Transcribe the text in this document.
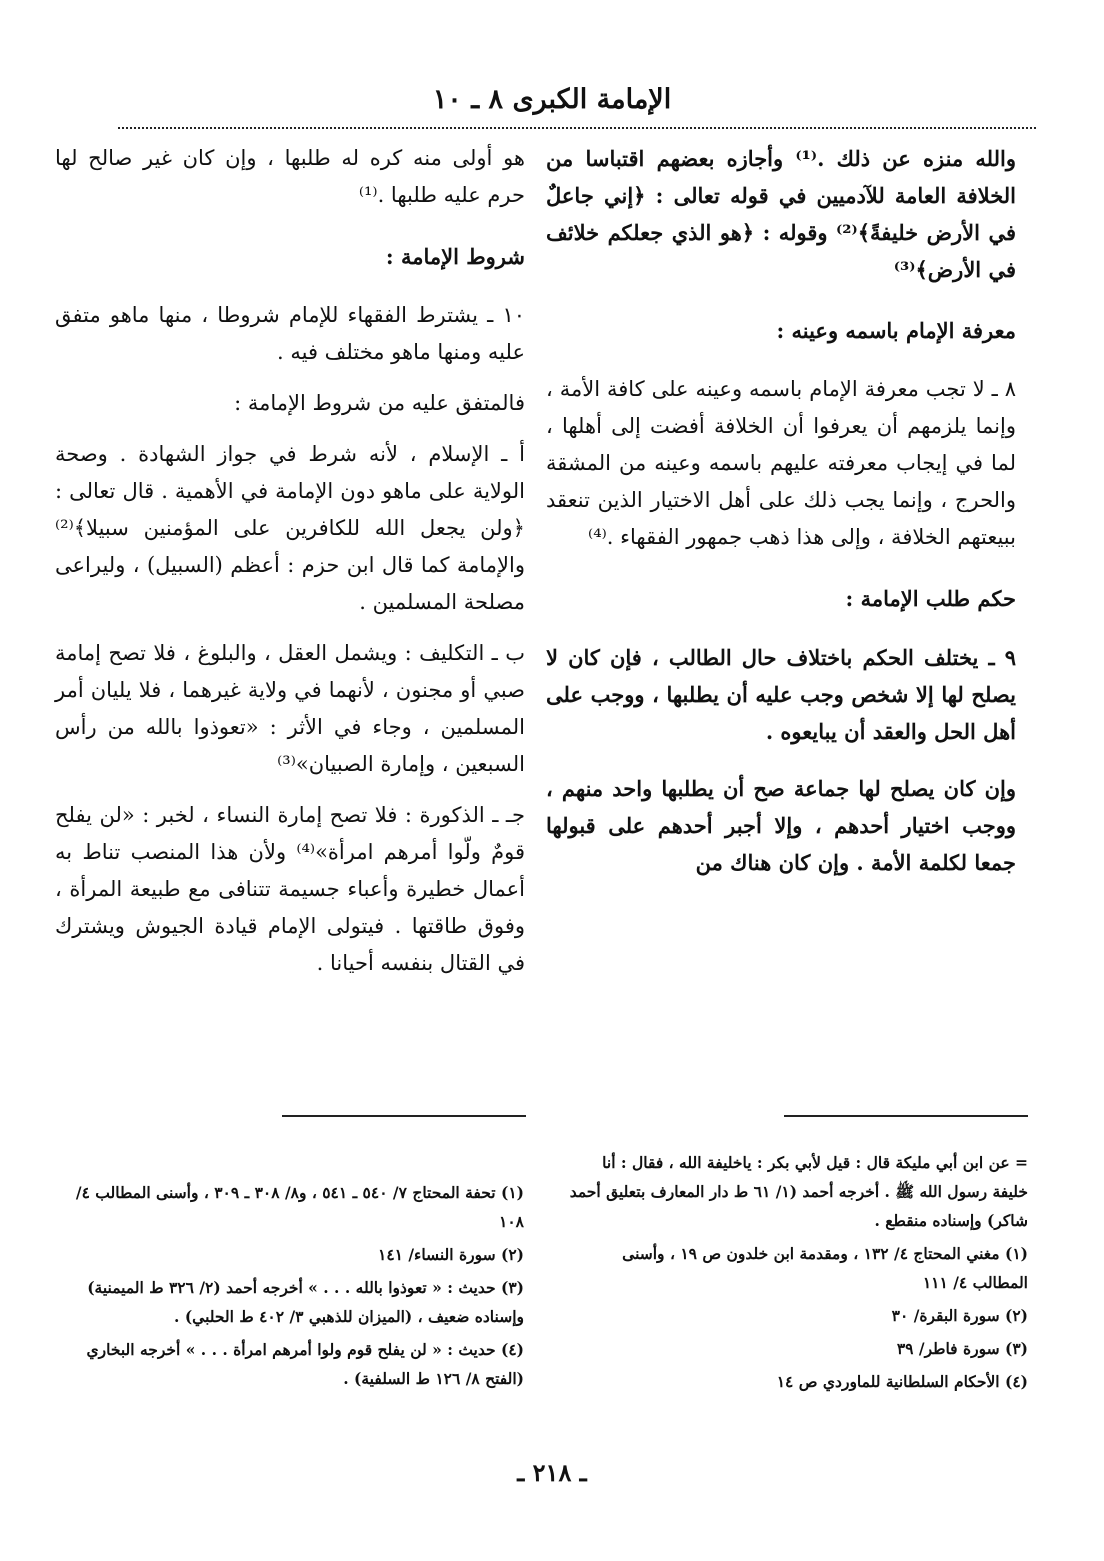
الإمامة الكبرى ٨ ـ ١٠

والله منزه عن ذلك .⁽¹⁾ وأجازه بعضهم اقتباسا من الخلافة العامة للآدميين في قوله تعالى : ﴿إني جاعلٌ في الأرض خليفةً﴾⁽²⁾ وقوله : ﴿هو الذي جعلكم خلائف في الأرض﴾⁽³⁾

معرفة الإمام باسمه وعينه :

٨ ـ لا تجب معرفة الإمام باسمه وعينه على كافة الأمة ، وإنما يلزمهم أن يعرفوا أن الخلافة أفضت إلى أهلها ، لما في إيجاب معرفته عليهم باسمه وعينه من المشقة والحرج ، وإنما يجب ذلك على أهل الاختيار الذين تنعقد ببيعتهم الخلافة ، وإلى هذا ذهب جمهور الفقهاء .⁽⁴⁾

حكم طلب الإمامة :

٩ ـ يختلف الحكم باختلاف حال الطالب ، فإن كان لا يصلح لها إلا شخص وجب عليه أن يطلبها ، ووجب على أهل الحل والعقد أن يبايعوه .

وإن كان يصلح لها جماعة صح أن يطلبها واحد منهم ، ووجب اختيار أحدهم ، وإلا أجبر أحدهم على قبولها جمعا لكلمة الأمة . وإن كان هناك من

هو أولى منه كره له طلبها ، وإن كان غير صالح لها حرم عليه طلبها .⁽¹⁾

شروط الإمامة :

١٠ ـ يشترط الفقهاء للإمام شروطا ، منها ماهو متفق عليه ومنها ماهو مختلف فيه .

فالمتفق عليه من شروط الإمامة :

أ ـ الإسلام ، لأنه شرط في جواز الشهادة . وصحة الولاية على ماهو دون الإمامة في الأهمية . قال تعالى : ﴿ولن يجعل الله للكافرين على المؤمنين سبيلا﴾⁽²⁾ والإمامة كما قال ابن حزم : أعظم (السبيل) ، وليراعى مصلحة المسلمين .

ب ـ التكليف : ويشمل العقل ، والبلوغ ، فلا تصح إمامة صبي أو مجنون ، لأنهما في ولاية غيرهما ، فلا يليان أمر المسلمين ، وجاء في الأثر : «تعوذوا بالله من رأس السبعين ، وإمارة الصبيان»⁽³⁾

جـ ـ الذكورة : فلا تصح إمارة النساء ، لخبر : «لن يفلح قومٌ ولّوا أمرهم امرأة»⁽⁴⁾ ولأن هذا المنصب تناط به أعمال خطيرة وأعباء جسيمة تتنافى مع طبيعة المرأة ، وفوق طاقتها . فيتولى الإمام قيادة الجيوش ويشترك في القتال بنفسه أحيانا .

= عن ابن أبي مليكة قال : قيل لأبي بكر : ياخليفة الله ، فقال : أنا خليفة رسول الله ﷺ . أخرجه أحمد (١/ ٦١ ط دار المعارف بتعليق أحمد شاكر) وإسناده منقطع .

(١) مغني المحتاج ٤/ ١٣٢ ، ومقدمة ابن خلدون ص ١٩ ، وأسنى المطالب ٤/ ١١١

(٢) سورة البقرة/ ٣٠

(٣) سورة فاطر/ ٣٩

(٤) الأحكام السلطانية للماوردي ص ١٤

(١) تحفة المحتاج ٧/ ٥٤٠ ـ ٥٤١ ، و٨/ ٣٠٨ ـ ٣٠٩ ، وأسنى المطالب ٤/ ١٠٨

(٢) سورة النساء/ ١٤١

(٣) حديث : « تعوذوا بالله . . . » أخرجه أحمد (٢/ ٣٢٦ ط الميمنية) وإسناده ضعيف ، (الميزان للذهبي ٣/ ٤٠٢ ط الحلبي) .

(٤) حديث : « لن يفلح قوم ولوا أمرهم امرأة . . . » أخرجه البخاري (الفتح ٨/ ١٢٦ ط السلفية) .

ـ ٢١٨ ـ
